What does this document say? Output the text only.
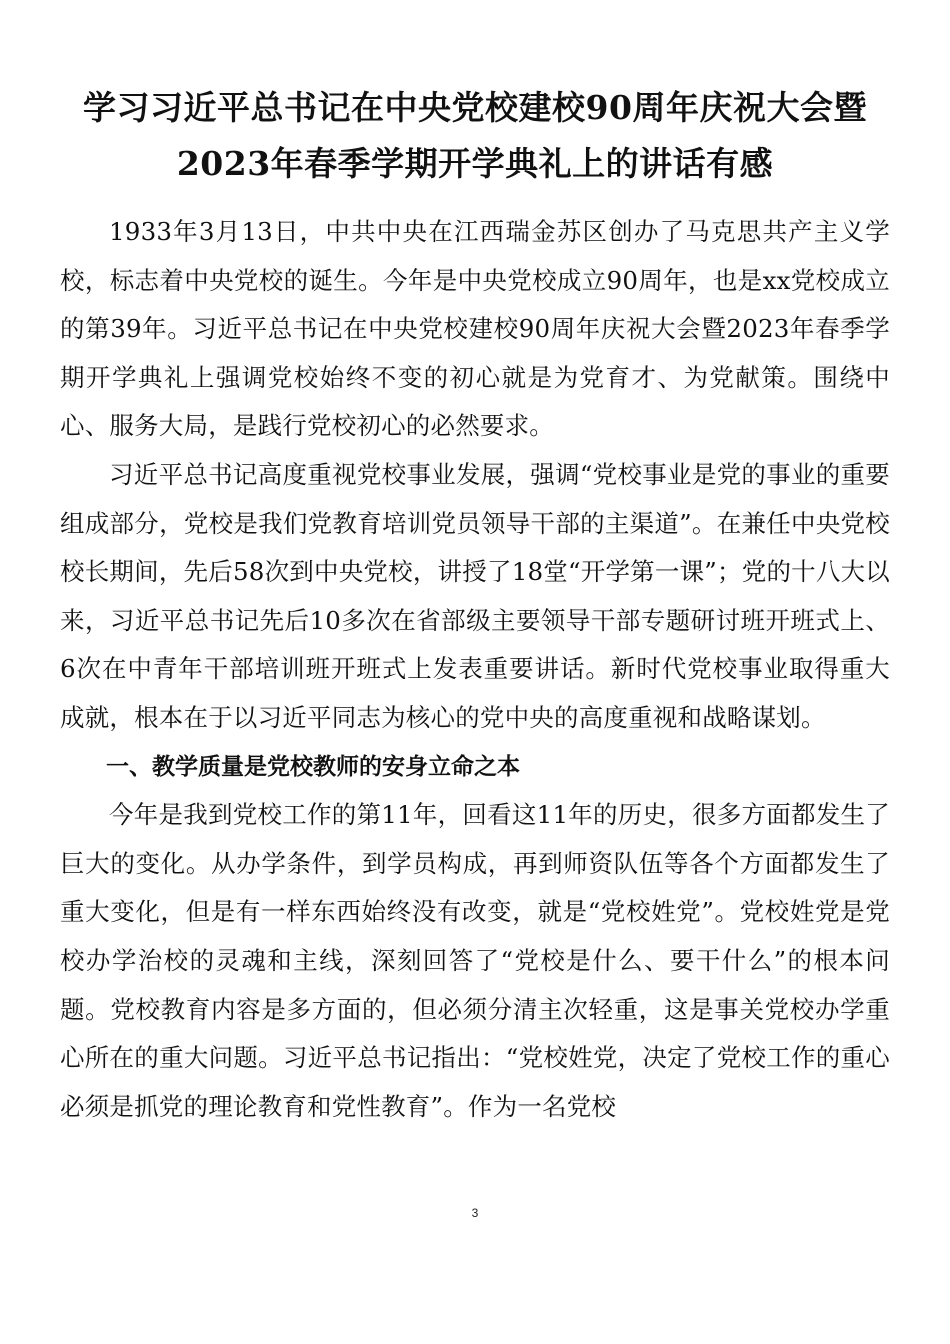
学习习近平总书记在中央党校建校90周年庆祝大会暨
2023年春季学期开学典礼上的讲话有感

1933年3月13日，中共中央在江西瑞金苏区创办了马克思共产主义学校，标志着中央党校的诞生。今年是中央党校成立90周年，也是xx党校成立的第39年。习近平总书记在中央党校建校90周年庆祝大会暨2023年春季学期开学典礼上强调党校始终不变的初心就是为党育才、为党献策。围绕中心、服务大局，是践行党校初心的必然要求。

习近平总书记高度重视党校事业发展，强调“党校事业是党的事业的重要组成部分，党校是我们党教育培训党员领导干部的主渠道”。在兼任中央党校校长期间，先后58次到中央党校，讲授了18堂“开学第一课”；党的十八大以来，习近平总书记先后10多次在省部级主要领导干部专题研讨班开班式上、6次在中青年干部培训班开班式上发表重要讲话。新时代党校事业取得重大成就，根本在于以习近平同志为核心的党中央的高度重视和战略谋划。

一、教学质量是党校教师的安身立命之本

今年是我到党校工作的第11年，回看这11年的历史，很多方面都发生了巨大的变化。从办学条件，到学员构成，再到师资队伍等各个方面都发生了重大变化，但是有一样东西始终没有改变，就是“党校姓党”。党校姓党是党校办学治校的灵魂和主线，深刻回答了“党校是什么、要干什么”的根本问题。党校教育内容是多方面的，但必须分清主次轻重，这是事关党校办学重心所在的重大问题。习近平总书记指出：“党校姓党，决定了党校工作的重心必须是抓党的理论教育和党性教育”。作为一名党校

3
